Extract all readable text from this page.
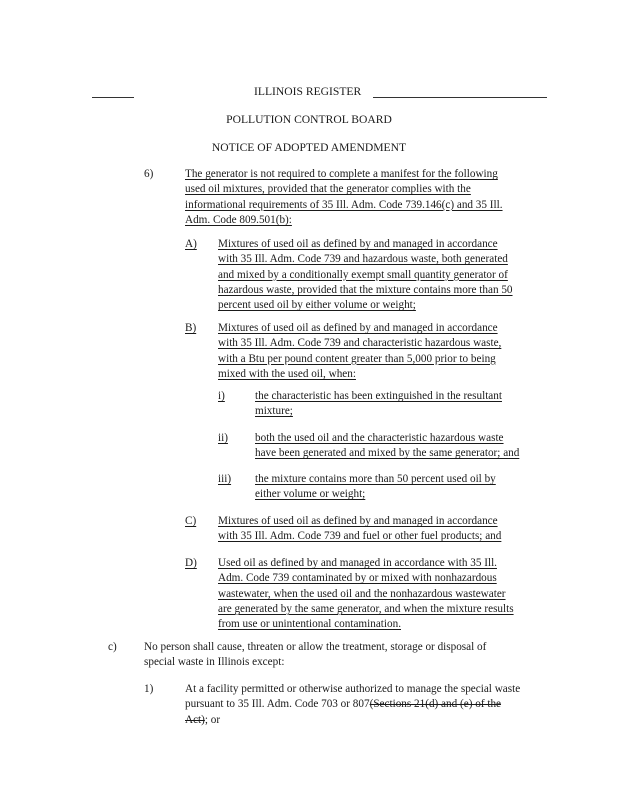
ILLINOIS REGISTER
POLLUTION CONTROL BOARD
NOTICE OF ADOPTED AMENDMENT
6)	The generator is not required to complete a manifest for the following

used oil mixtures, provided that the generator complies with the

informational requirements of 35 Ill. Adm. Code 739.146(c) and 35 Ill.

Adm. Code 809.501(b):

A) Mixtures of used oil as defined by and managed in accordance

with 35 Ill. Adm. Code 739 and hazardous waste, both generated

and mixed by a conditionally exempt small quantity generator of

hazardous waste, provided that the mixture contains more than 50

percent used oil by either volume or weight;

B) Mixtures of used oil as defined by and managed in accordance

with 35 Ill. Adm. Code 739 and characteristic hazardous waste,

with a Btu per pound content greater than 5,000 prior to being

mixed with the used oil, when:

i)	the characteristic has been extinguished in the resultant

mixture;

ii) both the used oil and the characteristic hazardous waste

have been generated and mixed by the same generator; and

iii) the mixture contains more than 50 percent used oil by

either volume or weight;

C) Mixtures of used oil as defined by and managed in accordance

with 35 Ill. Adm. Code 739 and fuel or other fuel products; and

D) Used oil as defined by and managed in accordance with 35 Ill.

Adm. Code 739 contaminated by or mixed with nonhazardous

wastewater, when the used oil and the nonhazardous wastewater

are generated by the same generator, and when the mixture results

from use or unintentional contamination.

c) No person shall cause, threaten or allow the treatment, storage or disposal of

special waste in Illinois except:

1)	At a facility permitted or otherwise authorized to manage the special waste

pursuant to 35 Ill. Adm. Code 703 or 807(Sections 21(d) and (e) of the

Act); or
